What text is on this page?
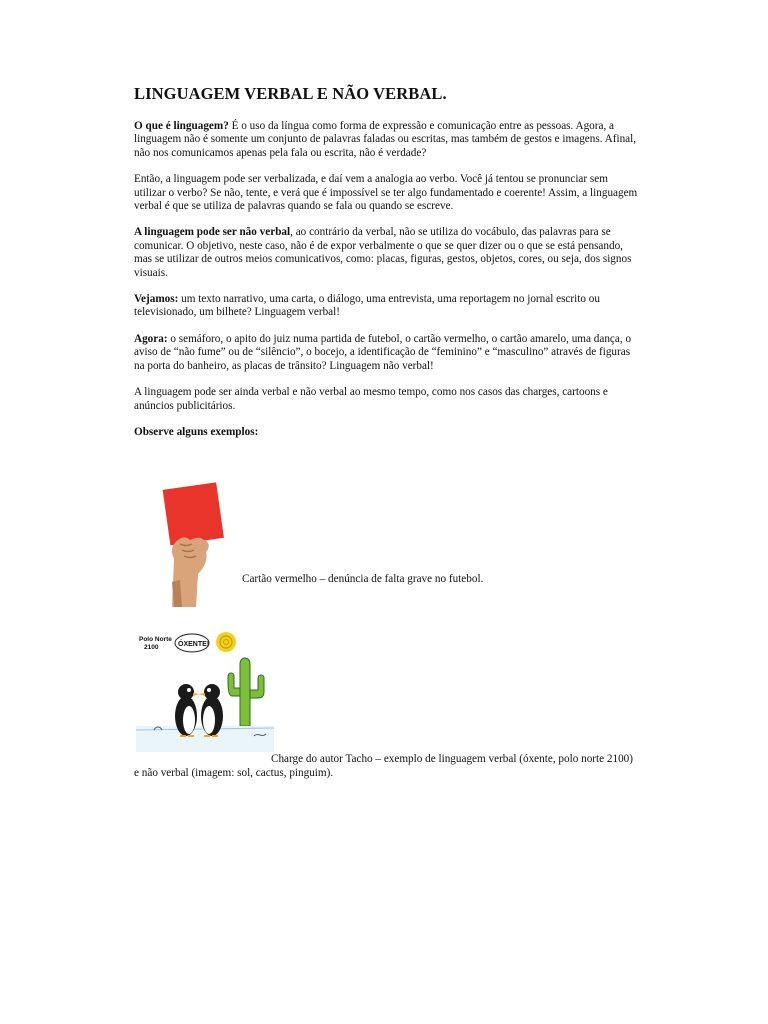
LINGUAGEM VERBAL E NÃO VERBAL.

O que é linguagem? É o uso da língua como forma de expressão e comunicação entre as pessoas. Agora, a linguagem não é somente um conjunto de palavras faladas ou escritas, mas também de gestos e imagens. Afinal, não nos comunicamos apenas pela fala ou escrita, não é verdade?

Então, a linguagem pode ser verbalizada, e daí vem a analogia ao verbo. Você já tentou se pronunciar sem utilizar o verbo? Se não, tente, e verá que é impossível se ter algo fundamentado e coerente! Assim, a linguagem verbal é que se utiliza de palavras quando se fala ou quando se escreve.

A linguagem pode ser não verbal, ao contrário da verbal, não se utiliza do vocábulo, das palavras para se comunicar. O objetivo, neste caso, não é de expor verbalmente o que se quer dizer ou o que se está pensando, mas se utilizar de outros meios comunicativos, como: placas, figuras, gestos, objetos, cores, ou seja, dos signos visuais.

Vejamos: um texto narrativo, uma carta, o diálogo, uma entrevista, uma reportagem no jornal escrito ou televisionado, um bilhete? Linguagem verbal!

Agora: o semáforo, o apito do juiz numa partida de futebol, o cartão vermelho, o cartão amarelo, uma dança, o aviso de “não fume” ou de “silêncio”, o bocejo, a identificação de “feminino” e “masculino” através de figuras na porta do banheiro, as placas de trânsito? Linguagem não verbal!

A linguagem pode ser ainda verbal e não verbal ao mesmo tempo, como nos casos das charges, cartoons e anúncios publicitários.

Observe alguns exemplos:

Cartão vermelho – denúncia de falta grave no futebol.
Polo Norte
2100	ÓXENTE!
Charge do autor Tacho – exemplo de linguagem verbal (óxente, polo norte 2100) e não verbal (imagem: sol, cactus, pinguim).
